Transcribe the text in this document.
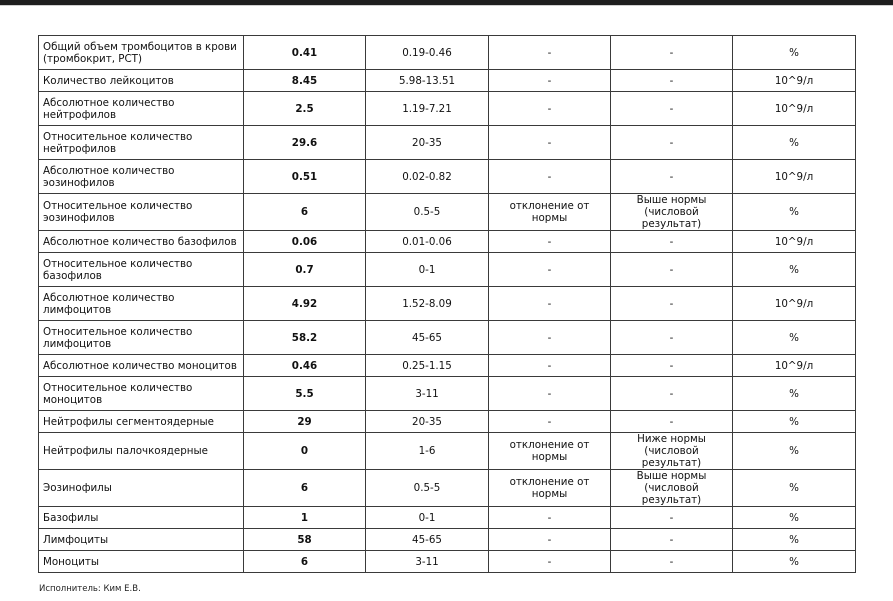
Общий объем тромбоцитов в крови (тромбокрит, PCT)	0.41	0.19-0.46	-	-	%
Количество лейкоцитов	8.45	5.98-13.51	-	-	10^9/л
Абсолютное количество нейтрофилов	2.5	1.19-7.21	-	-	10^9/л
Относительное количество нейтрофилов	29.6	20-35	-	-	%
Абсолютное количество эозинофилов	0.51	0.02-0.82	-	-	10^9/л
Относительное количество эозинофилов	6	0.5-5	отклонение от нормы	Выше нормы (числовой результат)	%
Абсолютное количество базофилов	0.06	0.01-0.06	-	-	10^9/л
Относительное количество базофилов	0.7	0-1	-	-	%
Абсолютное количество лимфоцитов	4.92	1.52-8.09	-	-	10^9/л
Относительное количество лимфоцитов	58.2	45-65	-	-	%
Абсолютное количество моноцитов	0.46	0.25-1.15	-	-	10^9/л
Относительное количество моноцитов	5.5	3-11	-	-	%
Нейтрофилы сегментоядерные	29	20-35	-	-	%
Нейтрофилы палочкоядерные	0	1-6	отклонение от нормы	Ниже нормы (числовой результат)	%
Эозинофилы	6	0.5-5	отклонение от нормы	Выше нормы (числовой результат)	%
Базофилы	1	0-1	-	-	%
Лимфоциты	58	45-65	-	-	%
Моноциты	6	3-11	-	-	%
Исполнитель: Ким Е.В.
